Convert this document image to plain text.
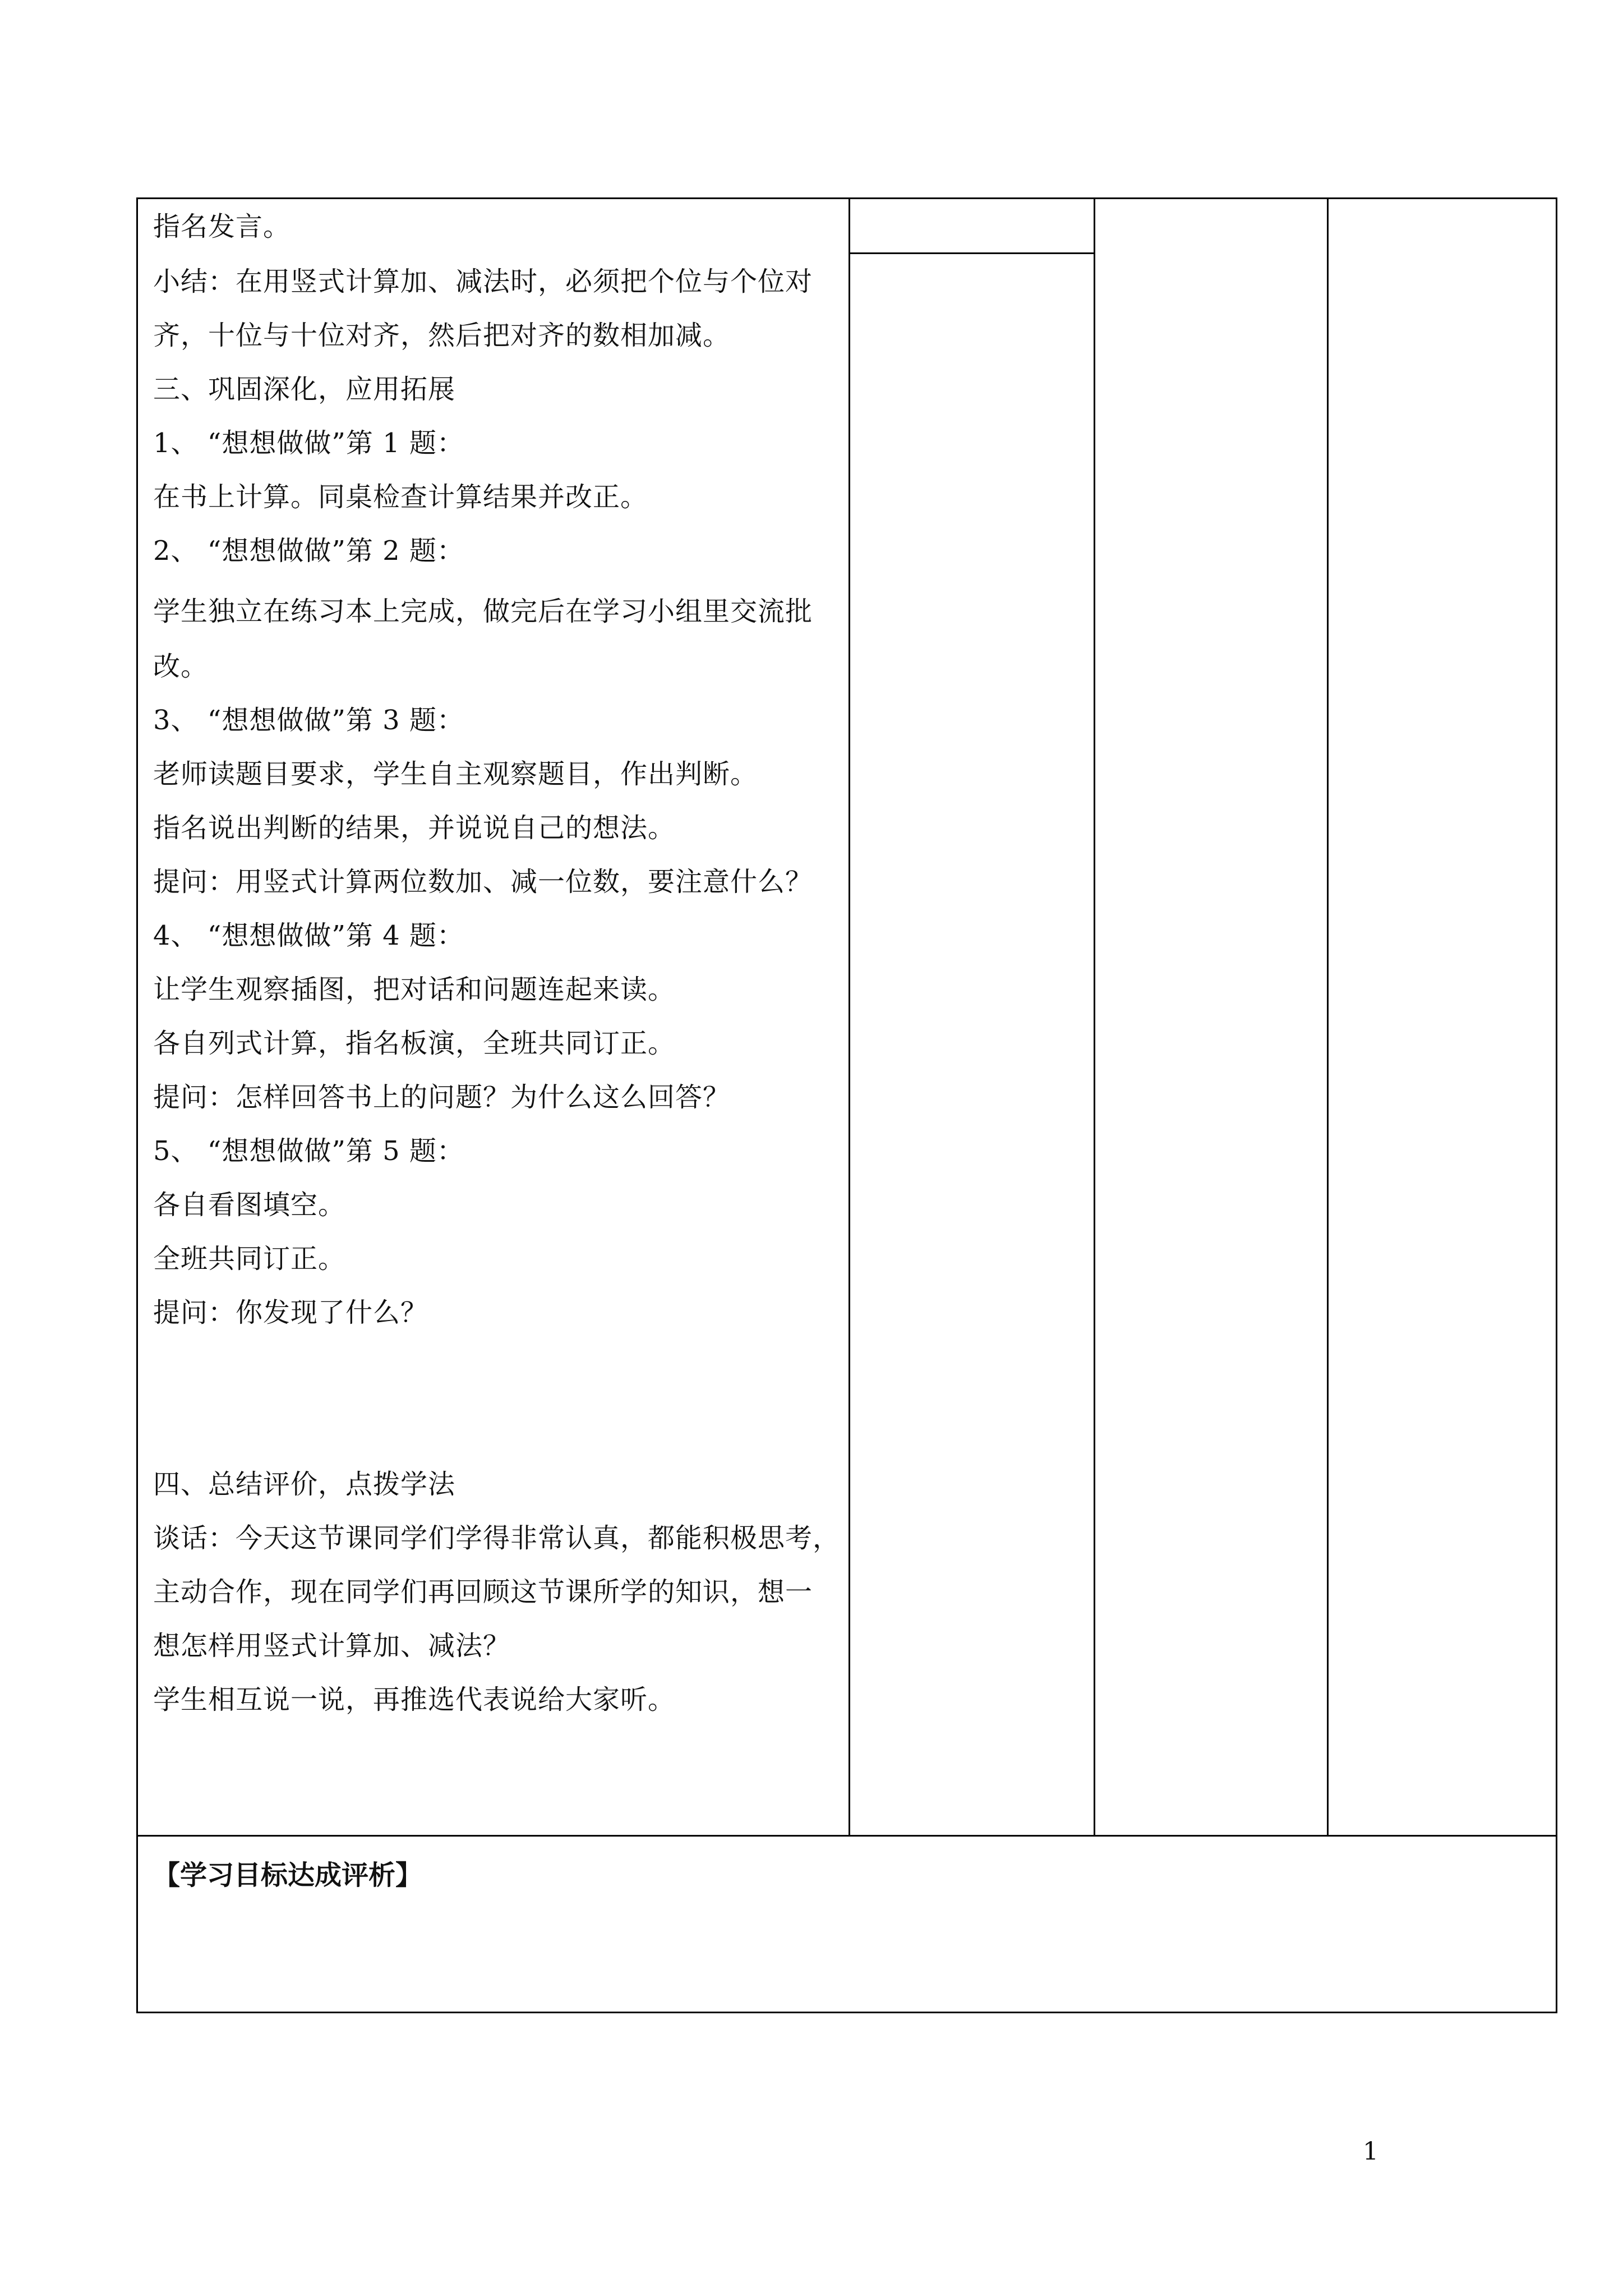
指名发言。
小结：在用竖式计算加、减法时，必须把个位与个位对
齐，十位与十位对齐，然后把对齐的数相加减。
三、巩固深化，应用拓展
1、 “想想做做”第 1 题：
在书上计算。同桌检查计算结果并改正。
2、 “想想做做”第 2 题：
学生独立在练习本上完成，做完后在学习小组里交流批
改。
3、 “想想做做”第 3 题：
老师读题目要求，学生自主观察题目，作出判断。
指名说出判断的结果，并说说自己的想法。
提问：用竖式计算两位数加、减一位数，要注意什么？
4、 “想想做做”第 4 题：
让学生观察插图，把对话和问题连起来读。
各自列式计算，指名板演，全班共同订正。
提问：怎样回答书上的问题？为什么这么回答？
5、 “想想做做”第 5 题：
各自看图填空。
全班共同订正。
提问：你发现了什么？
四、总结评价，点拨学法
谈话：今天这节课同学们学得非常认真，都能积极思考，
主动合作，现在同学们再回顾这节课所学的知识，想一
想怎样用竖式计算加、减法？
学生相互说一说，再推选代表说给大家听。
【学习目标达成评析】
1
